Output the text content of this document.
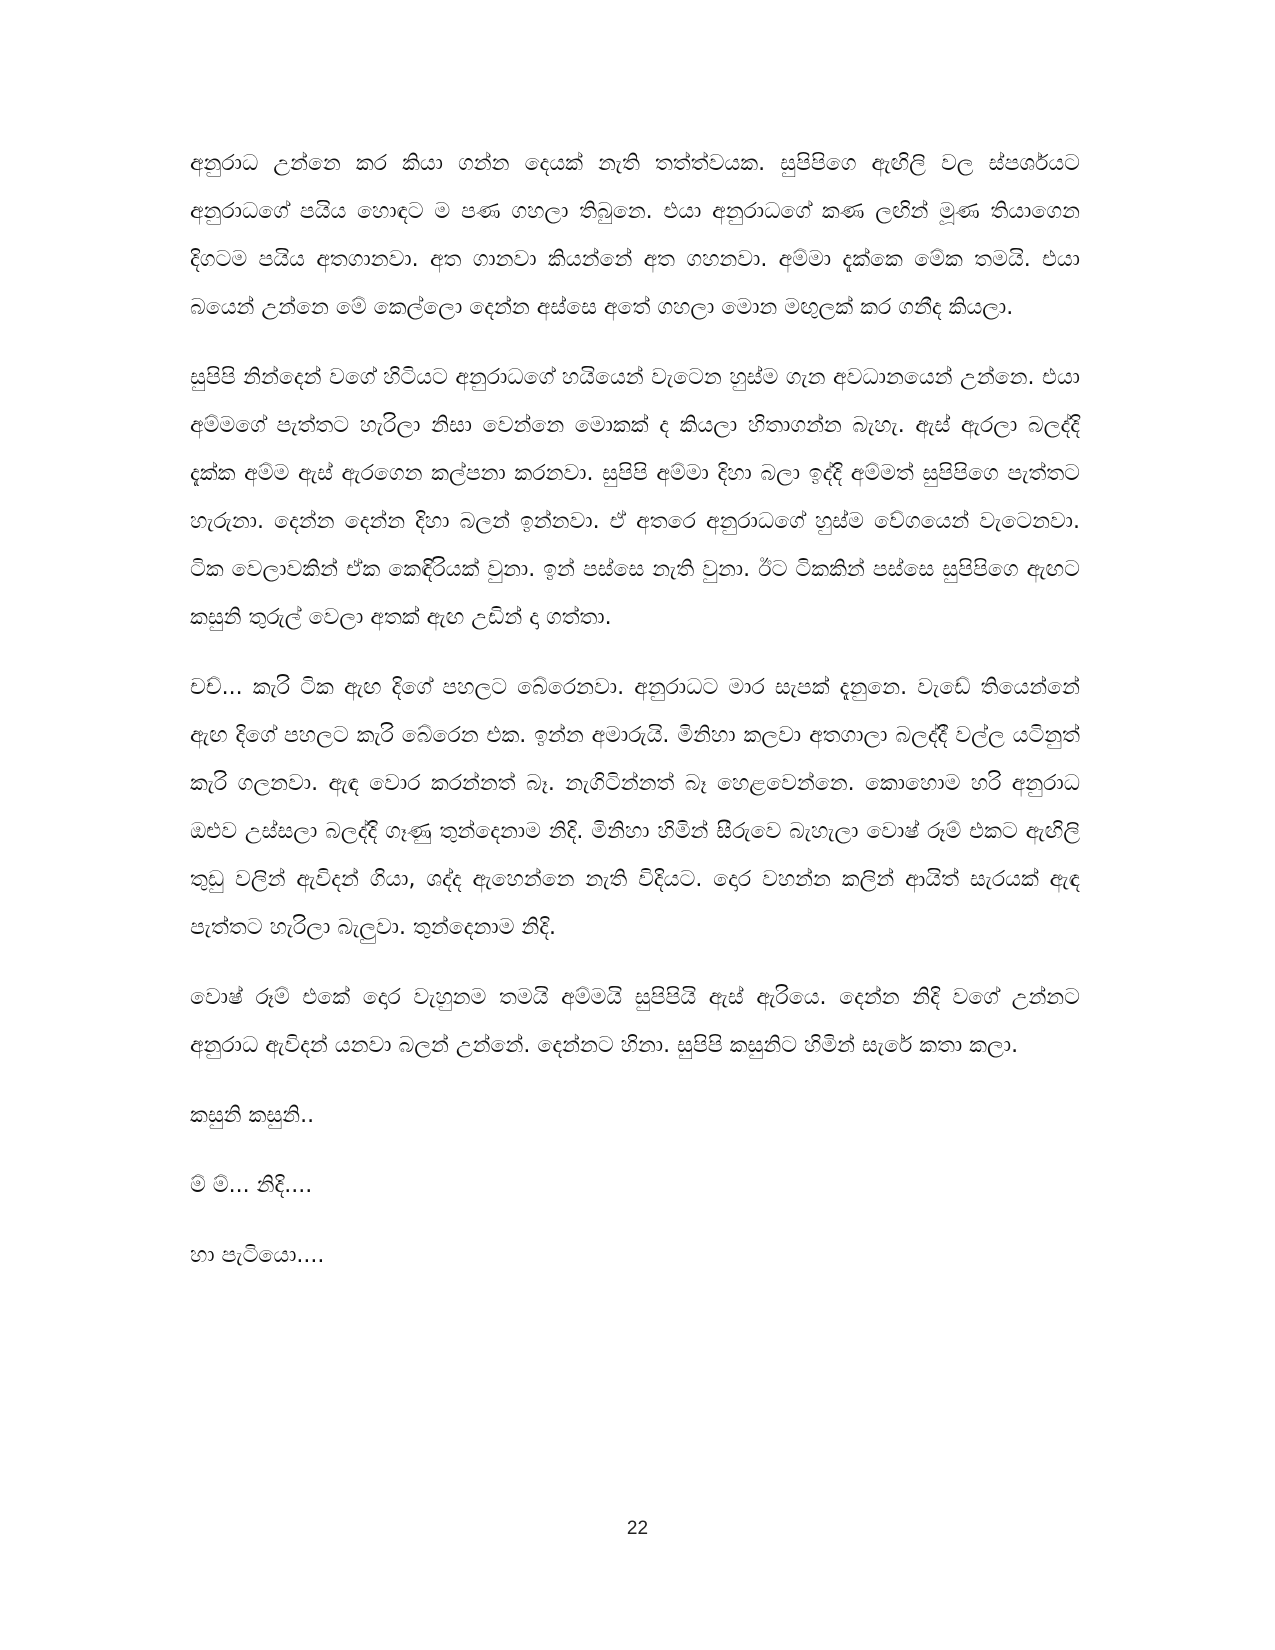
අනුරාධ උන්නෙ කර කියා ගන්න දෙයක් නැති තත්ත්වයක. සුපිපිගෙ ඇඟිලි වල ස්පර්ශයට අනුරාධගේ පයිය හොඳට ම පණ ගහලා තිබුනෙ. එයා අනුරාධගේ කණ ලඟින් මූණ තියාගෙන දිගටම පයිය අතගානවා. අත ගානවා කියන්නේ අත ගහනවා. අම්මා දැක්කෙ මේක තමයි. එයා බයෙන් උන්නෙ මේ කෙල්ලො දෙන්න අස්සෙ අතේ ගහලා මොන මඟුලක් කර ගනීද කියලා.

සුපිපි නින්දෙන් වගේ හිටියට අනුරාධගේ හයියෙන් වැටෙන හුස්ම ගැන අවධානයෙන් උන්නෙ. එයා අම්මගේ පැත්තට හැරිලා නිසා වෙන්නෙ මොකක් ද කියලා හිතාගන්න බැහැ. ඇස් ඇරලා බලද්දි දැක්ක අම්ම ඇස් ඇරගෙන කල්පනා කරනවා. සුපිපි අම්මා දිහා බලා ඉද්දි අම්මත් සුපිපිගෙ පැත්තට හැරුනා. දෙන්න දෙන්න දිහා බලන් ඉන්නවා. ඒ අතරෙ අනුරාධගේ හුස්ම වේගයෙන් වැටෙනවා. ටික වෙලාවකින් ඒක කෙඳිරියක් වුනා. ඉන් පස්සෙ නැති වුනා. ඊට ටිකකින් පස්සෙ සුපිපිගෙ ඇඟට කසුනි තුරුල් වෙලා අතක් ඇඟ උඩින් දා ගත්තා.

චච්... කැරි ටික ඇඟ දිගේ පහලට බේරෙනවා. අනුරාධට මාර සැපක් දැනුනෙ. වැඩේ තියෙන්නේ ඇඟ දිගේ පහලට කැරි බේරෙන එක. ඉන්න අමාරුයි. මිනිහා කලවා අතගාලා බලද්දී වල්ල යටිනුත් කැරි ගලනවා. ඇඳ වොර කරන්නත් බෑ. නැගිටින්නත් බෑ හෙළවෙන්නෙ. කොහොම හරි අනුරාධ ඔළුව උස්සලා බලද්දි ගෑණු තුන්දෙනාම නිදි. මිනිහා හිමින් සීරුවෙ බැහැලා වොෂ් රූම් එකට ඇඟිලි තුඩු වලින් ඇවිදන් ගියා, ශද්ද ඇහෙන්නෙ නැති විදියට. දොර වහන්න කලින් ආයිත් සැරයක් ඇඳ පැත්තට හැරිලා බැලුවා. තුන්දෙනාම නිදි.

වොෂ් රූම් එකේ දොර වැහුනම තමයි අම්මයි සුපිපියි ඇස් ඇරියෙ. දෙන්න නිදි වගේ උන්නට අනුරාධ ඇවිදන් යනවා බලන් උන්නේ. දෙන්නට හිනා. සුපිපි කසුනිට හිමින් සැරේ කතා කලා.

කසුනි කසුනි..

ම් ම්... නිදි....

හා පැටියො....

22
